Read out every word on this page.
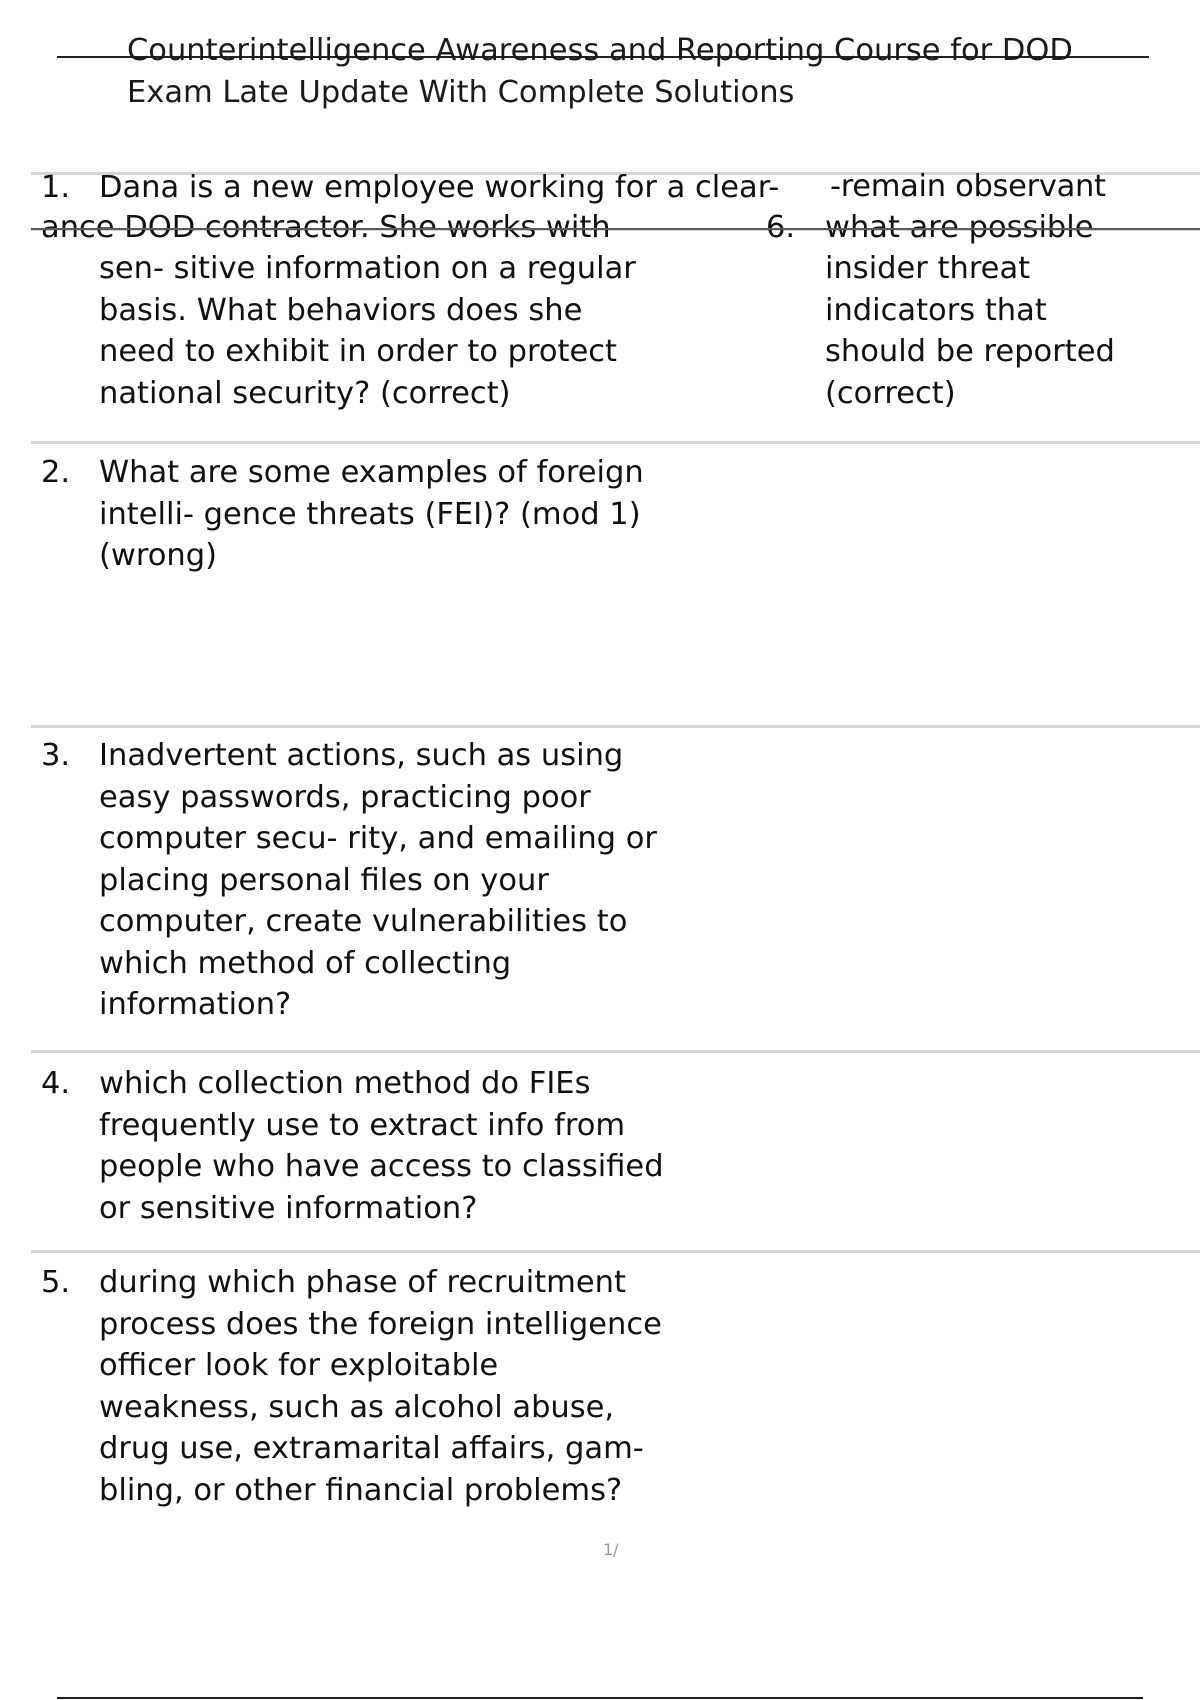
Counterintelligence Awareness and Reporting Course for DOD
Exam Late Update With Complete Solutions
1. Dana is a new employee working for a clear- -remain observant
ance DOD contractor. She works with	6. what are possible
sen- sitive information on a regular
basis. What behaviors does she
need to exhibit in order to protect
national security? (correct)
insider threat
indicators that
should be reported
(correct)
2. What are some examples of foreign
intelli- gence threats (FEI)? (mod 1)
(wrong)
3. Inadvertent actions, such as using
easy passwords, practicing poor
computer secu- rity, and emailing or
placing personal files on your
computer, create vulnerabilities to
which method of collecting
information?
4. which collection method do FIEs
frequently use to extract info from
people who have access to classified
or sensitive information?
5. during which phase of recruitment
process does the foreign intelligence
officer look for exploitable
weakness, such as alcohol abuse,
drug use, extramarital affairs, gam-
bling, or other financial problems?
1/
